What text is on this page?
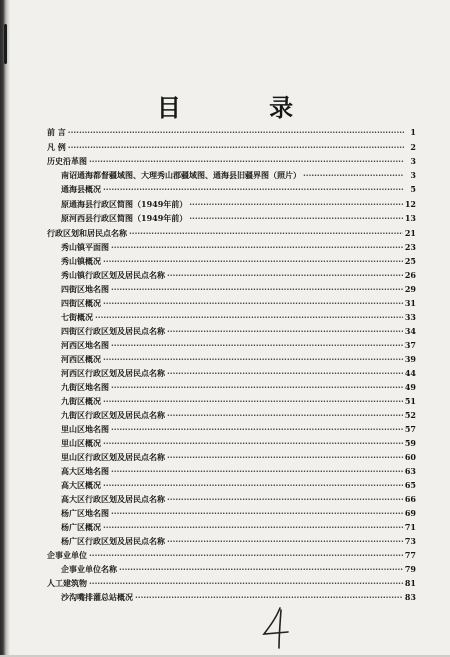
目 录
前 言 ·····	1
凡 例 ·····	2
历史沿革图 ·····	3
南诏通海都督疆域图、大理秀山郡疆域图、通海县旧疆界图（照片） ·····	3
通海县概况 ·····	5
原通海县行政区简图（1949年前） ·····	12
原河西县行政区简图（1949年前） ·····	13
行政区划和居民点名称 ·····	21
秀山镇平面图 ·····	23
秀山镇概况 ·····	25
秀山镇行政区划及居民点名称 ·····	26
四街区地名图 ·····	29
四街区概况 ·····	31
七街概况 ·····	33
四街区行政区划及居民点名称 ·····	34
河西区地名图 ·····	37
河西区概况 ·····	39
河西区行政区划及居民点名称 ·····	44
九街区地名图 ·····	49
九街区概况 ·····	51
九街区行政区划及居民点名称 ·····	52
里山区地名图 ·····	57
里山区概况 ·····	59
里山区行政区划及居民点名称 ·····	60
高大区地名图 ·····	63
高大区概况 ·····	65
高大区行政区划及居民点名称 ·····	66
杨广区地名图 ·····	69
杨广区概况 ·····	71
杨广区行政区划及居民点名称 ·····	73
企事业单位 ·····	77
企事业单位名称 ·····	79
人工建筑物 ·····	81
沙沟嘴排灌总站概况 ·····	83
